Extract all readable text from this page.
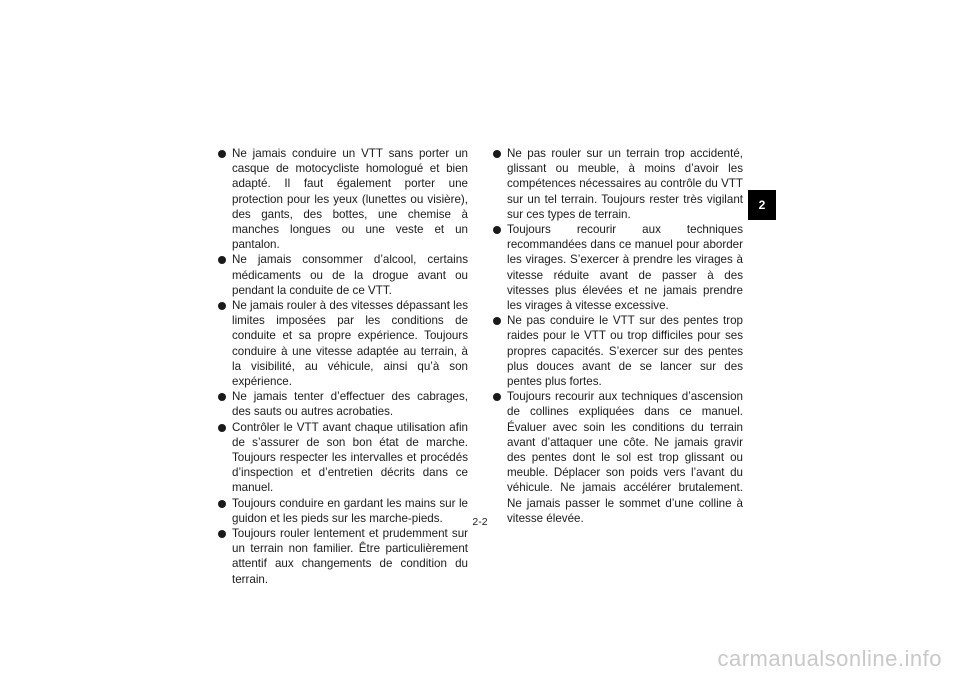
Ne jamais conduire un VTT sans porter un casque de motocycliste homologué et bien adapté. Il faut également porter une protection pour les yeux (lunettes ou visière), des gants, des bottes, une chemise à manches longues ou une veste et un pantalon.

Ne jamais consommer d’alcool, certains médicaments ou de la drogue avant ou pendant la conduite de ce VTT.

Ne jamais rouler à des vitesses dépassant les limites imposées par les conditions de conduite et sa propre expérience. Toujours conduire à une vitesse adaptée au terrain, à la visibilité, au véhicule, ainsi qu’à son expérience.

Ne jamais tenter d’effectuer des cabrages, des sauts ou autres acrobaties.

Contrôler le VTT avant chaque utilisation afin de s’assurer de son bon état de marche. Toujours respecter les intervalles et procédés d’inspection et d’entretien décrits dans ce manuel.

Toujours conduire en gardant les mains sur le guidon et les pieds sur les marche-pieds.

Toujours rouler lentement et prudemment sur un terrain non familier. Être particulièrement attentif aux changements de condition du terrain.

Ne pas rouler sur un terrain trop accidenté, glissant ou meuble, à moins d’avoir les compétences nécessaires au contrôle du VTT sur un tel terrain. Toujours rester très vigilant sur ces types de terrain.

Toujours recourir aux techniques recommandées dans ce manuel pour aborder les virages. S’exercer à prendre les virages à vitesse réduite avant de passer à des vitesses plus élevées et ne jamais prendre les virages à vitesse excessive.

Ne pas conduire le VTT sur des pentes trop raides pour le VTT ou trop difficiles pour ses propres capacités. S’exercer sur des pentes plus douces avant de se lancer sur des pentes plus fortes.

Toujours recourir aux techniques d’ascension de collines expliquées dans ce manuel. Évaluer avec soin les conditions du terrain avant d’attaquer une côte. Ne jamais gravir des pentes dont le sol est trop glissant ou meuble. Déplacer son poids vers l’avant du véhicule. Ne jamais accélérer brutalement. Ne jamais passer le sommet d’une colline à vitesse élevée.

2
2-2
carmanualsonline.info
